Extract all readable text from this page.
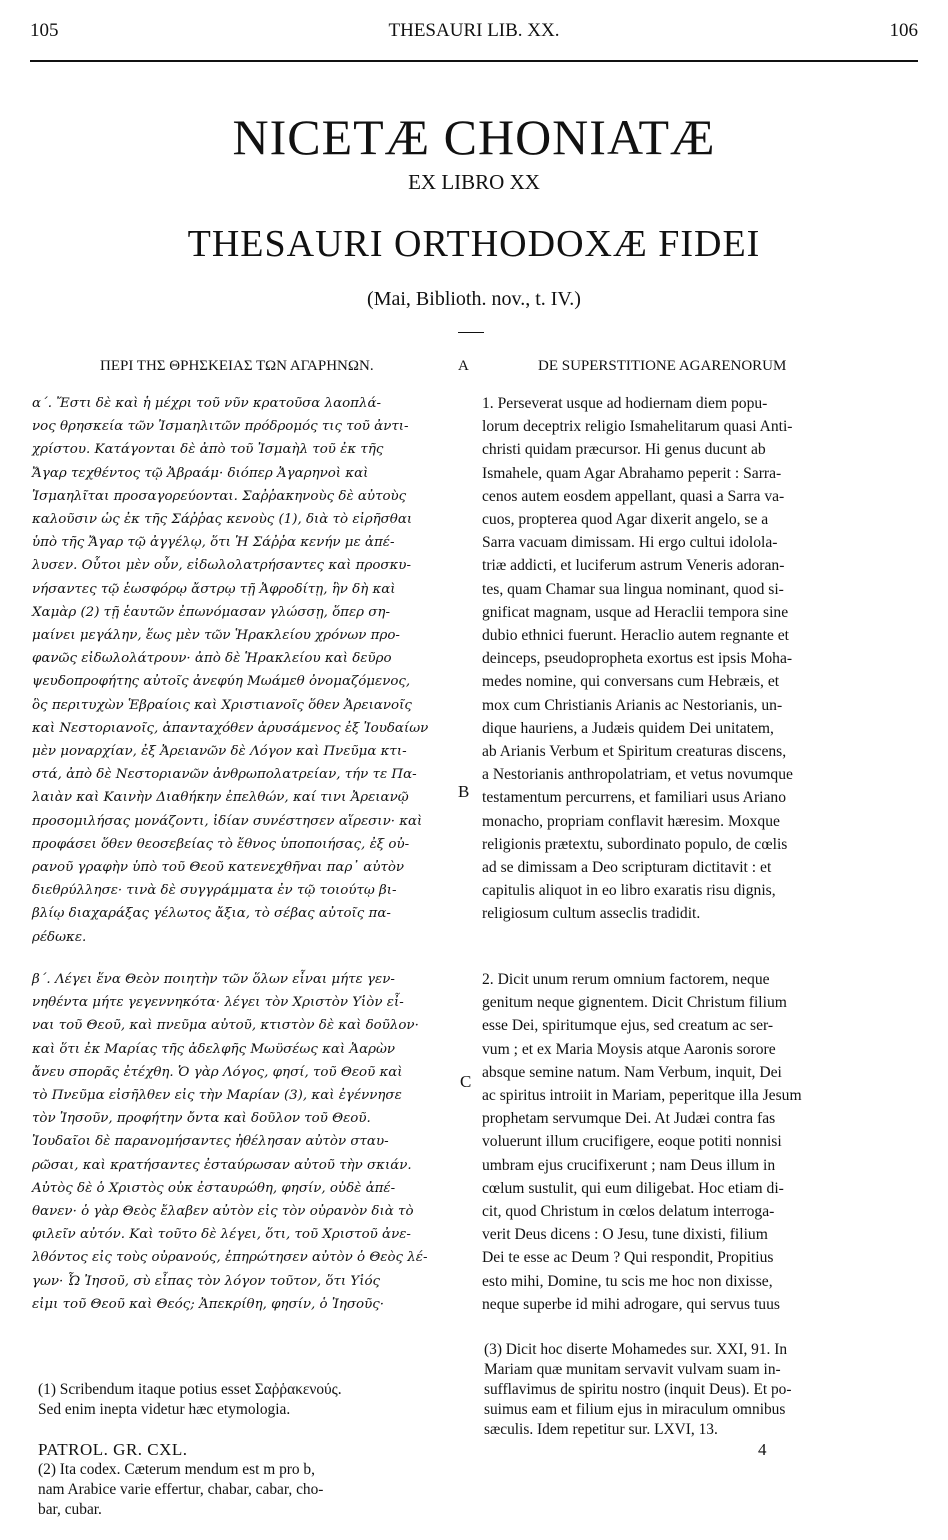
105	THESAURI LIB. XX.	106
NICETÆ CHONIATÆ
EX LIBRO XX
THESAURI ORTHODOXÆ FIDEI
(Mai, Biblioth. nov., t. IV.)
ΠΕΡΙ ΤΗΣ ΘΡΗΣΚΕΙΑΣ ΤΩΝ ΑΓΑΡΗΝΩΝ.	A	DE SUPERSTITIONE AGARENORUM
B
C
α΄. Ἔστι δὲ καὶ ἡ μέχρι τοῦ νῦν κρατοῦσα λαοπλά-
νος θρησκεία τῶν Ἰσμαηλιτῶν πρόδρομός τις τοῦ ἀντι-
χρίστου. Κατάγονται δὲ ἀπὸ τοῦ Ἰσμαὴλ τοῦ ἐκ τῆς
Ἄγαρ τεχθέντος τῷ Ἀβραάμ· διόπερ Ἀγαρηνοὶ καὶ
Ἰσμαηλῖται προσαγορεύονται. Σαῤῥακηνοὺς δὲ αὐτοὺς
καλοῦσιν ὡς ἐκ τῆς Σάῤῥας κενοὺς (1), διὰ τὸ εἰρῆσθαι
ὑπὸ τῆς Ἄγαρ τῷ ἀγγέλῳ, ὅτι Ἡ Σάῤῥα κενήν με ἀπέ-
λυσεν. Οὗτοι μὲν οὖν, εἰδωλολατρήσαντες καὶ προσκυ-
νήσαντες τῷ ἑωσφόρῳ ἄστρῳ τῇ Ἀφροδίτῃ, ἣν δὴ καὶ
Χαμὰρ (2) τῇ ἑαυτῶν ἐπωνόμασαν γλώσσῃ, ὅπερ ση-
μαίνει μεγάλην, ἕως μὲν τῶν Ἡρακλείου χρόνων προ-
φανῶς εἰδωλολάτρουν· ἀπὸ δὲ Ἡρακλείου καὶ δεῦρο
ψευδοπροφήτης αὐτοῖς ἀνεφύη Μωάμεθ ὀνομαζόμενος,
ὃς περιτυχὼν Ἑβραίοις καὶ Χριστιανοῖς ὅθεν Ἀρειανοῖς
καὶ Νεστοριανοῖς, ἁπανταχόθεν ἀρυσάμενος ἐξ Ἰουδαίων
μὲν μοναρχίαν, ἐξ Ἀρειανῶν δὲ Λόγον καὶ Πνεῦμα κτι-
στά, ἀπὸ δὲ Νεστοριανῶν ἀνθρωπολατρείαν, τήν τε Πα-
λαιὰν καὶ Καινὴν Διαθήκην ἐπελθών, καί τινι Ἀρειανῷ
προσομιλήσας μονάζοντι, ἰδίαν συνέστησεν αἵρεσιν· καὶ
προφάσει ὅθεν θεοσεβείας τὸ ἔθνος ὑποποιήσας, ἐξ οὐ-
ρανοῦ γραφὴν ὑπὸ τοῦ Θεοῦ κατενεχθῆναι παρ᾽ αὐτὸν
διεθρύλλησε· τινὰ δὲ συγγράμματα ἐν τῷ τοιούτῳ βι-
βλίῳ διαχαράξας γέλωτος ἄξια, τὸ σέβας αὐτοῖς πα-
ρέδωκε.
β΄. Λέγει ἕνα Θεὸν ποιητὴν τῶν ὅλων εἶναι μήτε γεν-
νηθέντα μήτε γεγεννηκότα· λέγει τὸν Χριστὸν Υἱὸν εἶ-
ναι τοῦ Θεοῦ, καὶ πνεῦμα αὐτοῦ, κτιστὸν δὲ καὶ δοῦλον·
καὶ ὅτι ἐκ Μαρίας τῆς ἀδελφῆς Μωϋσέως καὶ Ἀαρὼν
ἄνευ σπορᾶς ἐτέχθη. Ὁ γὰρ Λόγος, φησί, τοῦ Θεοῦ καὶ
τὸ Πνεῦμα εἰσῆλθεν εἰς τὴν Μαρίαν (3), καὶ ἐγέννησε
τὸν Ἰησοῦν, προφήτην ὄντα καὶ δοῦλον τοῦ Θεοῦ.
Ἰουδαῖοι δὲ παρανομήσαντες ἠθέλησαν αὐτὸν σταυ-
ρῶσαι, καὶ κρατήσαντες ἐσταύρωσαν αὐτοῦ τὴν σκιάν.
Αὐτὸς δὲ ὁ Χριστὸς οὐκ ἐσταυρώθη, φησίν, οὐδὲ ἀπέ-
θανεν· ὁ γὰρ Θεὸς ἔλαβεν αὐτὸν εἰς τὸν οὐρανὸν διὰ τὸ
φιλεῖν αὐτόν. Καὶ τοῦτο δὲ λέγει, ὅτι, τοῦ Χριστοῦ ἀνε-
λθόντος εἰς τοὺς οὐρανούς, ἐπηρώτησεν αὐτὸν ὁ Θεὸς λέ-
γων· Ὦ Ἰησοῦ, σὺ εἶπας τὸν λόγον τοῦτον, ὅτι Υἱός
εἰμι τοῦ Θεοῦ καὶ Θεός; Ἀπεκρίθη, φησίν, ὁ Ἰησοῦς·
1. Perseverat usque ad hodiernam diem popu-
lorum deceptrix religio Ismahelitarum quasi Anti-
christi quidam præcursor. Hi genus ducunt ab
Ismahele, quam Agar Abrahamo peperit : Sarra-
cenos autem eosdem appellant, quasi a Sarra va-
cuos, propterea quod Agar dixerit angelo, se a
Sarra vacuam dimissam. Hi ergo cultui idolola-
triæ addicti, et luciferum astrum Veneris adoran-
tes, quam Chamar sua lingua nominant, quod si-
gnificat magnam, usque ad Heraclii tempora sine
dubio ethnici fuerunt. Heraclio autem regnante et
deinceps, pseudopropheta exortus est ipsis Moha-
medes nomine, qui conversans cum Hebræis, et
mox cum Christianis Arianis ac Nestorianis, un-
dique hauriens, a Judæis quidem Dei unitatem,
ab Arianis Verbum et Spiritum creaturas discens,
a Nestorianis anthropolatriam, et vetus novumque
testamentum percurrens, et familiari usus Ariano
monacho, propriam conflavit hæresim. Moxque
religionis prætextu, subordinato populo, de cœlis
ad se dimissam a Deo scripturam dictitavit : et
capitulis aliquot in eo libro exaratis risu dignis,
religiosum cultum asseclis tradidit.
2. Dicit unum rerum omnium factorem, neque
genitum neque gignentem. Dicit Christum filium
esse Dei, spiritumque ejus, sed creatum ac ser-
vum ; et ex Maria Moysis atque Aaronis sorore
absque semine natum. Nam Verbum, inquit, Dei
ac spiritus introiit in Mariam, peperitque illa Jesum
prophetam servumque Dei. At Judæi contra fas
voluerunt illum crucifigere, eoque potiti nonnisi
umbram ejus crucifixerunt ; nam Deus illum in
cœlum sustulit, qui eum diligebat. Hoc etiam di-
cit, quod Christum in cœlos delatum interroga-
verit Deus dicens : O Jesu, tune dixisti, filium
Dei te esse ac Deum ? Qui respondit, Propitius
esto mihi, Domine, tu scis me hoc non dixisse,
neque superbe id mihi adrogare, qui servus tuus

(1) Scribendum itaque potius esset Σαῤῥακενούς.
Sed enim inepta videtur hæc etymologia.

(2) Ita codex. Cæterum mendum est m pro b,
nam Arabice varie effertur, chabar, cabar, cho-
bar, cubar.

(3) Dicit hoc diserte Mohamedes sur. XXI, 91. In
Mariam quæ munitam servavit vulvam suam in-
sufflavimus de spiritu nostro (inquit Deus). Et po-
suimus eam et filium ejus in miraculum omnibus
sæculis. Idem repetitur sur. LXVI, 13.
PATROL. GR. CXL.	4
